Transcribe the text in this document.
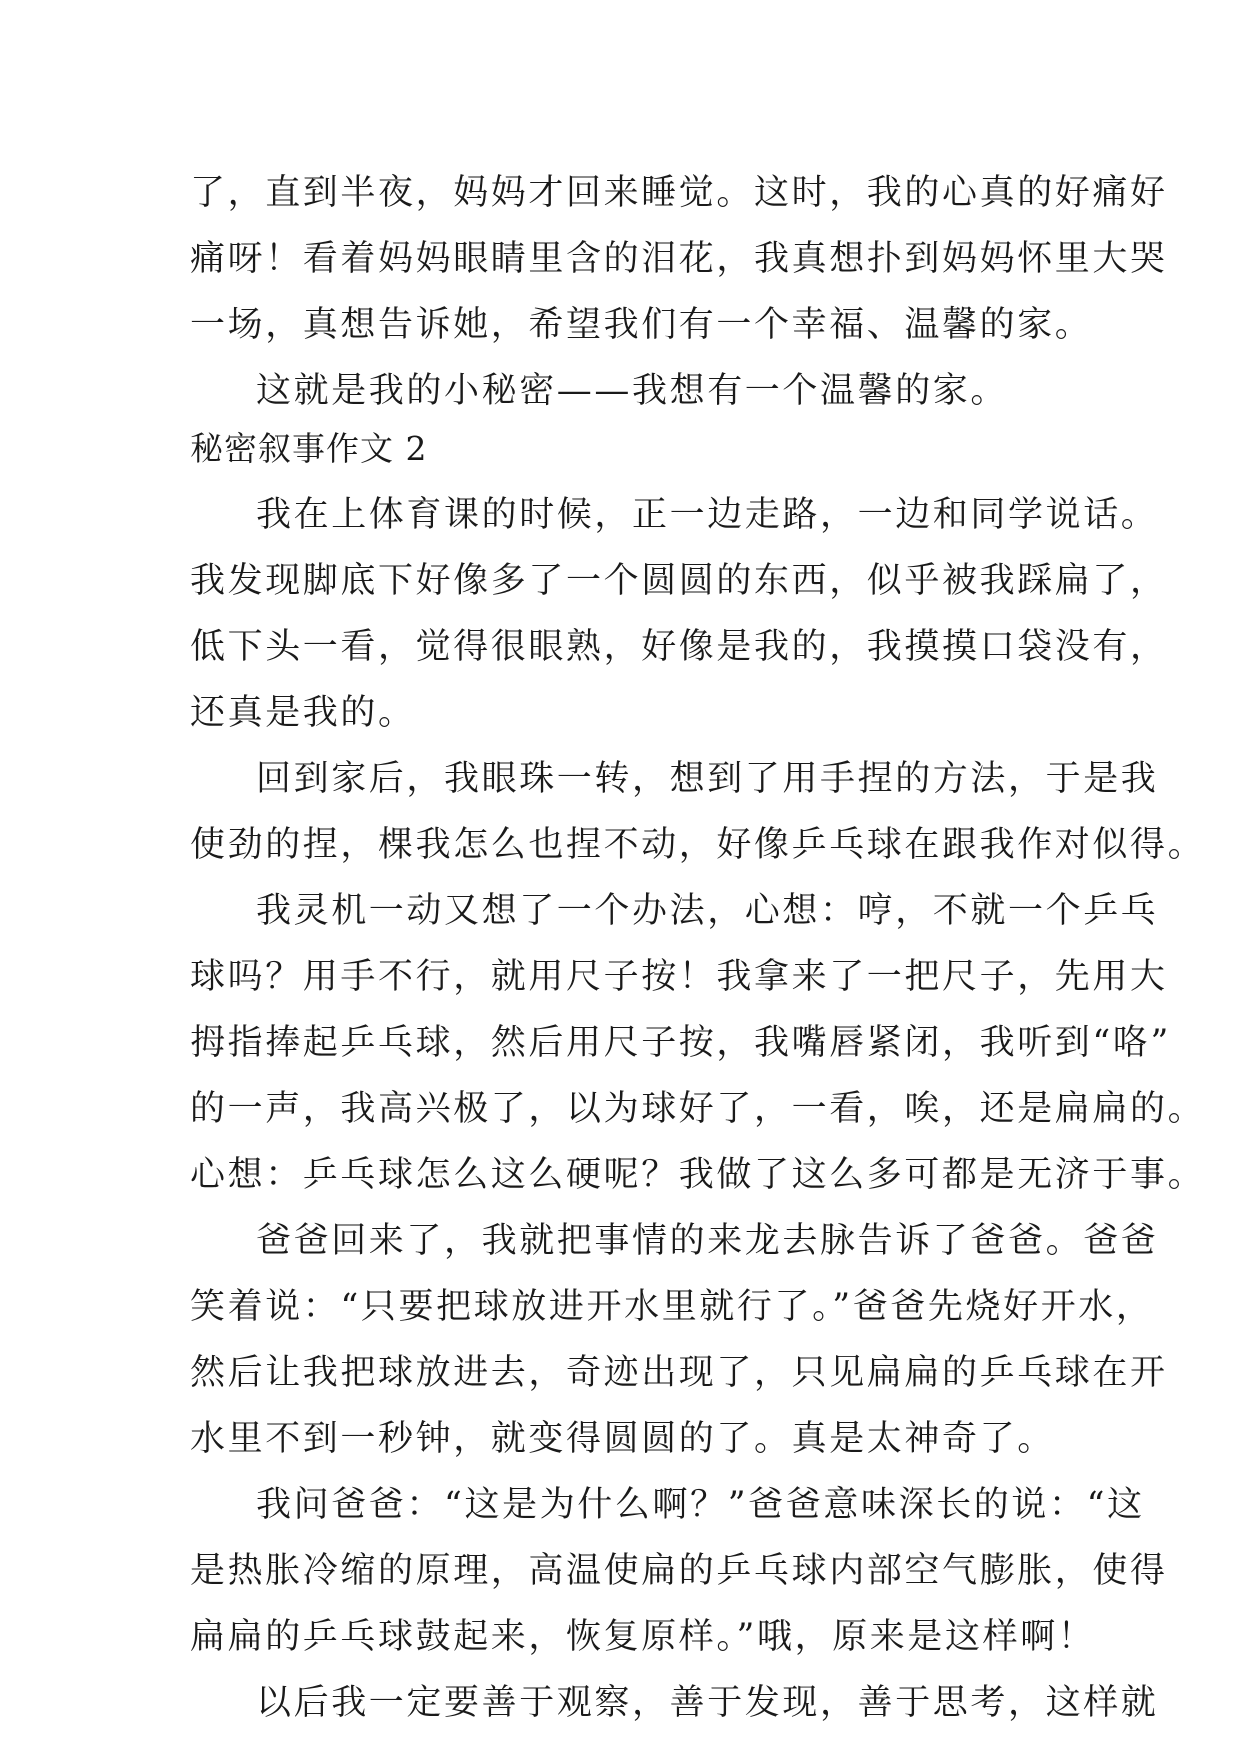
了，直到半夜，妈妈才回来睡觉。这时，我的心真的好痛好
痛呀！看着妈妈眼睛里含的泪花，我真想扑到妈妈怀里大哭
一场，真想告诉她，希望我们有一个幸福、温馨的家。
这就是我的小秘密——我想有一个温馨的家。
秘密叙事作文 2
我在上体育课的时候，正一边走路，一边和同学说话。
我发现脚底下好像多了一个圆圆的东西，似乎被我踩扁了，
低下头一看，觉得很眼熟，好像是我的，我摸摸口袋没有，
还真是我的。
回到家后，我眼珠一转，想到了用手捏的方法，于是我
使劲的捏，棵我怎么也捏不动，好像乒乓球在跟我作对似得。
我灵机一动又想了一个办法，心想：哼，不就一个乒乓
球吗？用手不行，就用尺子按！我拿来了一把尺子，先用大
拇指捧起乒乓球，然后用尺子按，我嘴唇紧闭，我听到“咯”
的一声，我高兴极了，以为球好了，一看，唉，还是扁扁的。
心想：乒乓球怎么这么硬呢？我做了这么多可都是无济于事。
爸爸回来了，我就把事情的来龙去脉告诉了爸爸。爸爸
笑着说：“只要把球放进开水里就行了。”爸爸先烧好开水，
然后让我把球放进去，奇迹出现了，只见扁扁的乒乓球在开
水里不到一秒钟，就变得圆圆的了。真是太神奇了。
我问爸爸：“这是为什么啊？”爸爸意味深长的说：“这
是热胀冷缩的原理，高温使扁的乒乓球内部空气膨胀，使得
扁扁的乒乓球鼓起来，恢复原样。”哦，原来是这样啊！
以后我一定要善于观察，善于发现，善于思考，这样就
